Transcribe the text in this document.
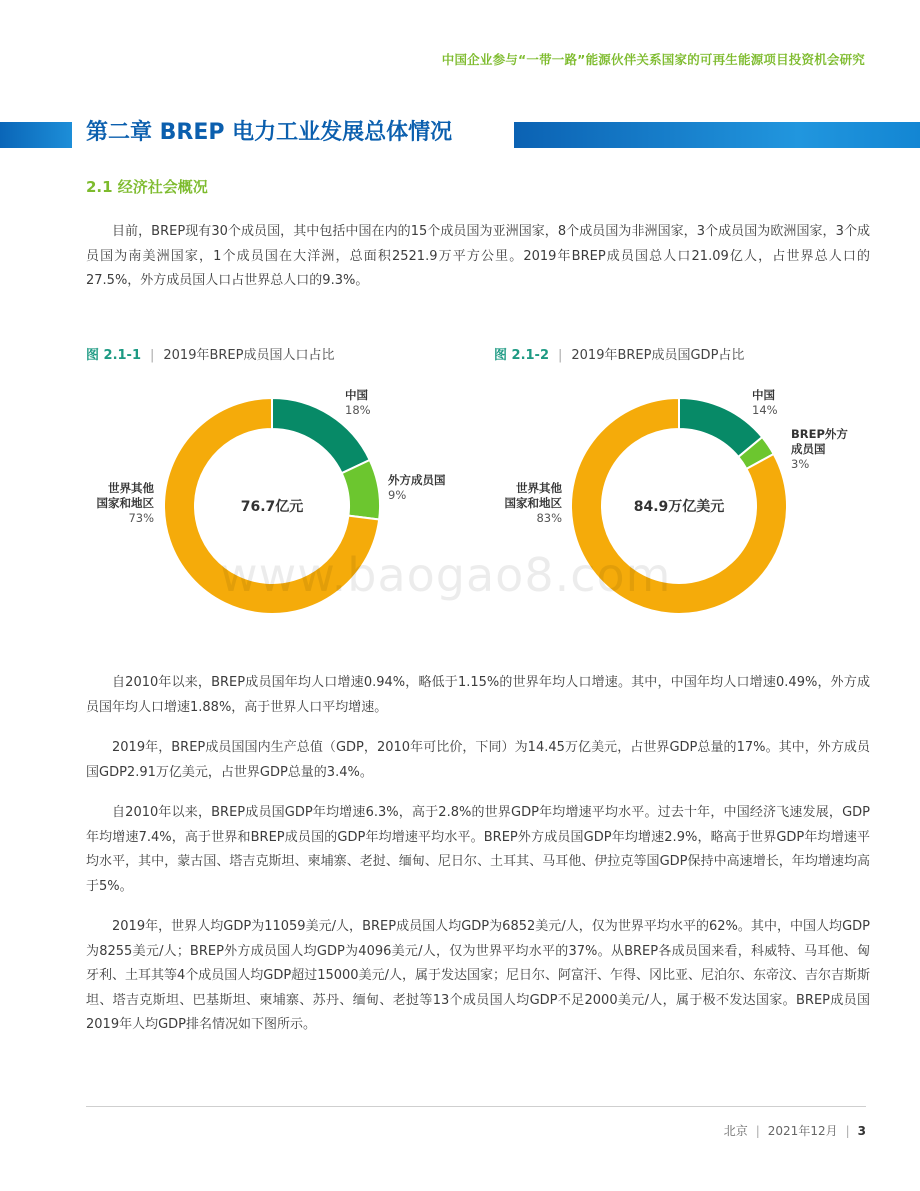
中国企业参与“一带一路”能源伙伴关系国家的可再生能源项目投资机会研究
第二章 BREP 电力工业发展总体情况
2.1 经济社会概况

目前，BREP现有30个成员国，其中包括中国在内的15个成员国为亚洲国家，8个成员国为非洲国家，3个成员国为欧洲国家，3个成员国为南美洲国家，1个成员国在大洋洲，总面积2521.9万平方公里。2019年BREP成员国总人口21.09亿人，占世界总人口的27.5%，外方成员国人口占世界总人口的9.3%。

图 2.1-1 | 2019年BREP成员国人口占比
76.7亿元
中国
18%
外方成员国
9%
世界其他
国家和地区
73%
图 2.1-2 | 2019年BREP成员国GDP占比
84.9万亿美元
中国
14%
BREP外方
成员国
3%
世界其他
国家和地区
83%
www.baogao8.com

自2010年以来，BREP成员国年均人口增速0.94%，略低于1.15%的世界年均人口增速。其中，中国年均人口增速0.49%，外方成员国年均人口增速1.88%，高于世界人口平均增速。

2019年，BREP成员国国内生产总值（GDP，2010年可比价，下同）为14.45万亿美元，占世界GDP总量的17%。其中，外方成员国GDP2.91万亿美元，占世界GDP总量的3.4%。

自2010年以来，BREP成员国GDP年均增速6.3%，高于2.8%的世界GDP年均增速平均水平。过去十年，中国经济飞速发展，GDP年均增速7.4%，高于世界和BREP成员国的GDP年均增速平均水平。BREP外方成员国GDP年均增速2.9%，略高于世界GDP年均增速平均水平，其中，蒙古国、塔吉克斯坦、柬埔寨、老挝、缅甸、尼日尔、土耳其、马耳他、伊拉克等国GDP保持中高速增长，年均增速均高于5%。

2019年，世界人均GDP为11059美元/人，BREP成员国人均GDP为6852美元/人，仅为世界平均水平的62%。其中，中国人均GDP为8255美元/人；BREP外方成员国人均GDP为4096美元/人，仅为世界平均水平的37%。从BREP各成员国来看，科威特、马耳他、匈牙利、土耳其等4个成员国人均GDP超过15000美元/人，属于发达国家；尼日尔、阿富汗、乍得、冈比亚、尼泊尔、东帝汶、吉尔吉斯斯坦、塔吉克斯坦、巴基斯坦、柬埔寨、苏丹、缅甸、老挝等13个成员国人均GDP不足2000美元/人，属于极不发达国家。BREP成员国2019年人均GDP排名情况如下图所示。

北京 | 2021年12月 | 3
